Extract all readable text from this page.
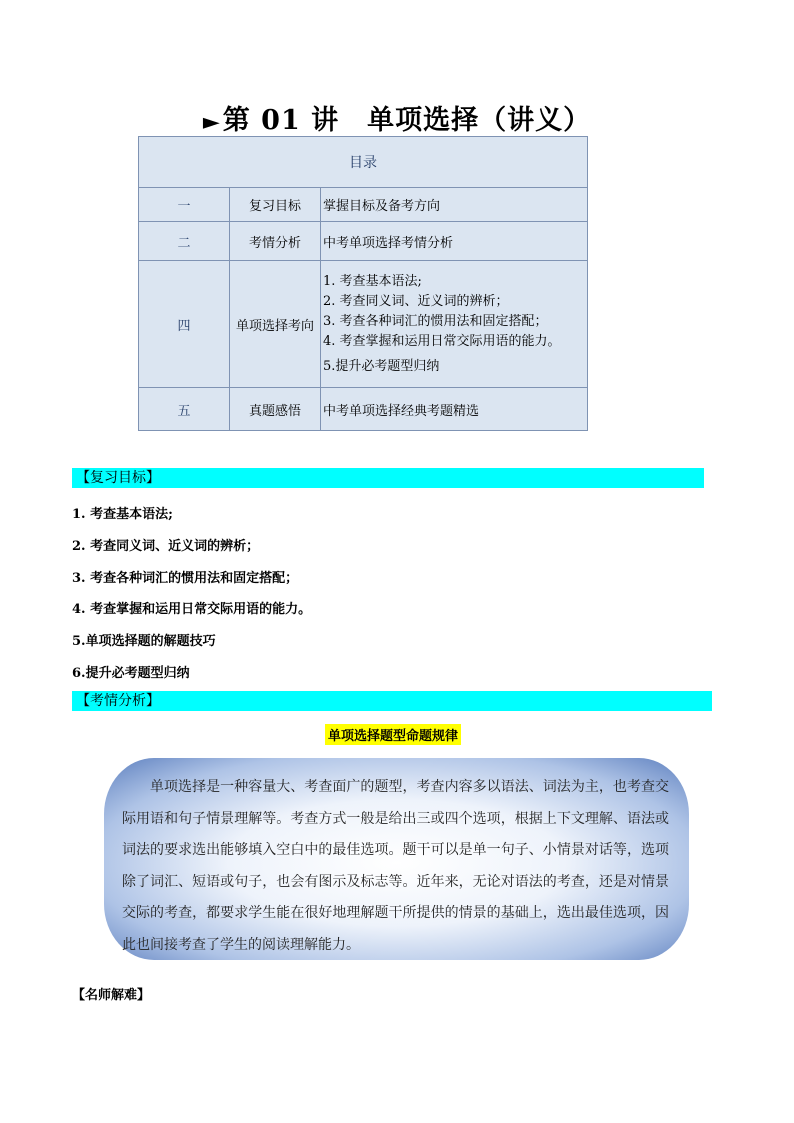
►第 01 讲　单项选择（讲义）
目录		
一	复习目标	掌握目标及备考方向
二	考情分析	中考单项选择考情分析
四	单项选择考向	1. 考查基本语法;
2. 考查同义词、近义词的辨析；
3. 考查各种词汇的惯用法和固定搭配；
4. 考查掌握和运用日常交际用语的能力。
5.提升必考题型归纳

五	真题感悟	中考单项选择经典考题精选
【复习目标】
1. 考查基本语法;
2. 考查同义词、近义词的辨析；
3. 考查各种词汇的惯用法和固定搭配；
4. 考查掌握和运用日常交际用语的能力。
5.单项选择题的解题技巧
6.提升必考题型归纳
【考情分析】
单项选择题型命题规律
单项选择是一种容量大、考查面广的题型，考查内容多以语法、词法为主，也考查交际用语和句子情景理解等。考查方式一般是给出三或四个选项，根据上下文理解、语法或词法的要求选出能够填入空白中的最佳选项。题干可以是单一句子、小情景对话等，选项除了词汇、短语或句子，也会有图示及标志等。近年来，无论对语法的考查，还是对情景交际的考查，都要求学生能在很好地理解题干所提供的情景的基础上，选出最佳选项，因此也间接考查了学生的阅读理解能力。
【名师解难】
